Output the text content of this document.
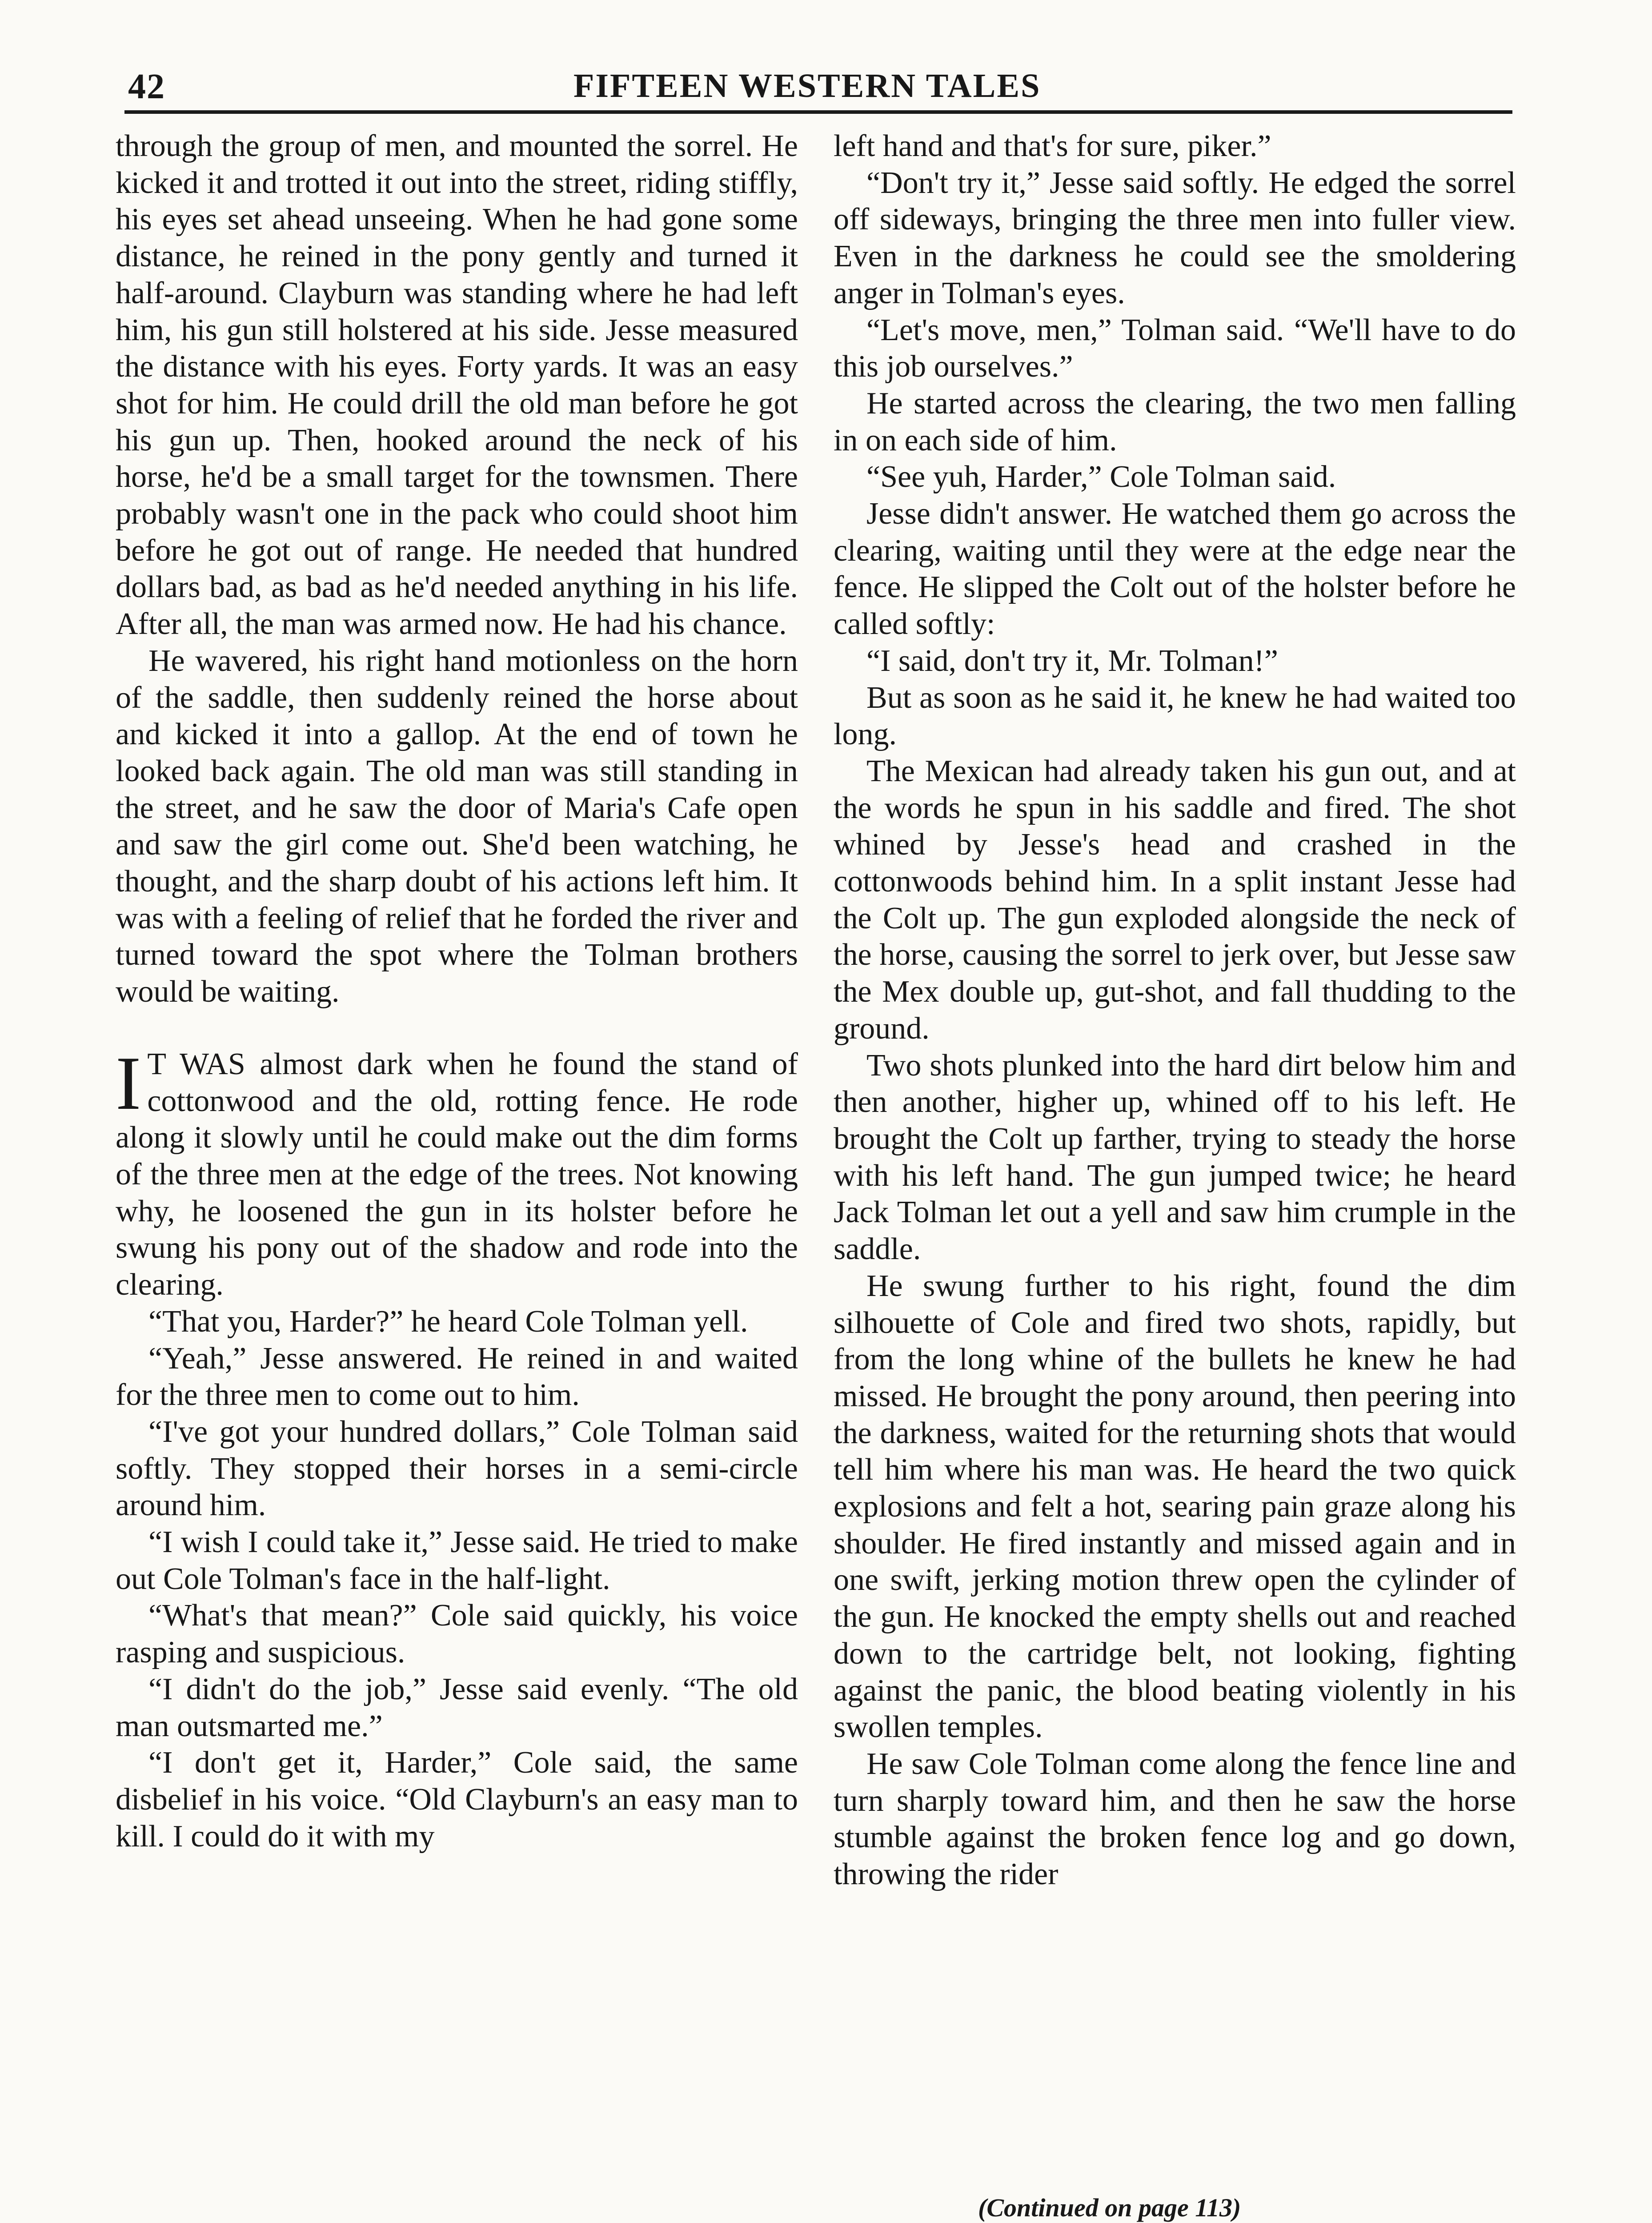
42	FIFTEEN WESTERN TALES

through the group of men, and mounted the sorrel. He kicked it and trotted it out into the street, riding stiffly, his eyes set ahead unseeing. When he had gone some distance, he reined in the pony gently and turned it half-around. Clayburn was standing where he had left him, his gun still holstered at his side. Jesse measured the distance with his eyes. Forty yards. It was an easy shot for him. He could drill the old man before he got his gun up. Then, hooked around the neck of his horse, he'd be a small target for the townsmen. There probably wasn't one in the pack who could shoot him before he got out of range. He needed that hundred dollars bad, as bad as he'd needed anything in his life. After all, the man was armed now. He had his chance.

He wavered, his right hand motionless on the horn of the saddle, then suddenly reined the horse about and kicked it into a gallop. At the end of town he looked back again. The old man was still standing in the street, and he saw the door of Maria's Cafe open and saw the girl come out. She'd been watching, he thought, and the sharp doubt of his actions left him. It was with a feeling of relief that he forded the river and turned toward the spot where the Tolman brothers would be waiting.

I T WAS almost dark when he found the stand of cottonwood and the old, rotting fence. He rode along it slowly until he could make out the dim forms of the three men at the edge of the trees. Not knowing why, he loosened the gun in its holster before he swung his pony out of the shadow and rode into the clearing.

“That you, Harder?” he heard Cole Tolman yell.

“Yeah,” Jesse answered. He reined in and waited for the three men to come out to him.

“I've got your hundred dollars,” Cole Tolman said softly. They stopped their horses in a semi-circle around him.

“I wish I could take it,” Jesse said. He tried to make out Cole Tolman's face in the half-light.

“What's that mean?” Cole said quickly, his voice rasping and suspicious.

“I didn't do the job,” Jesse said evenly. “The old man outsmarted me.”

“I don't get it, Harder,” Cole said, the same disbelief in his voice. “Old Clayburn's an easy man to kill. I could do it with my

left hand and that's for sure, piker.”

“Don't try it,” Jesse said softly. He edged the sorrel off sideways, bringing the three men into fuller view. Even in the darkness he could see the smoldering anger in Tolman's eyes.

“Let's move, men,” Tolman said. “We'll have to do this job ourselves.”

He started across the clearing, the two men falling in on each side of him.

“See yuh, Harder,” Cole Tolman said.

Jesse didn't answer. He watched them go across the clearing, waiting until they were at the edge near the fence. He slipped the Colt out of the holster before he called softly:

“I said, don't try it, Mr. Tolman!”

But as soon as he said it, he knew he had waited too long.

The Mexican had already taken his gun out, and at the words he spun in his saddle and fired. The shot whined by Jesse's head and crashed in the cottonwoods behind him. In a split instant Jesse had the Colt up. The gun exploded alongside the neck of the horse, causing the sorrel to jerk over, but Jesse saw the Mex double up, gut-shot, and fall thudding to the ground.

Two shots plunked into the hard dirt below him and then another, higher up, whined off to his left. He brought the Colt up farther, trying to steady the horse with his left hand. The gun jumped twice; he heard Jack Tolman let out a yell and saw him crumple in the saddle.

He swung further to his right, found the dim silhouette of Cole and fired two shots, rapidly, but from the long whine of the bullets he knew he had missed. He brought the pony around, then peering into the darkness, waited for the returning shots that would tell him where his man was. He heard the two quick explosions and felt a hot, searing pain graze along his shoulder. He fired instantly and missed again and in one swift, jerking motion threw open the cylinder of the gun. He knocked the empty shells out and reached down to the cartridge belt, not looking, fighting against the panic, the blood beating violently in his swollen temples.

He saw Cole Tolman come along the fence line and turn sharply toward him, and then he saw the horse stumble against the broken fence log and go down, throwing the rider

(Continued on page 113)
